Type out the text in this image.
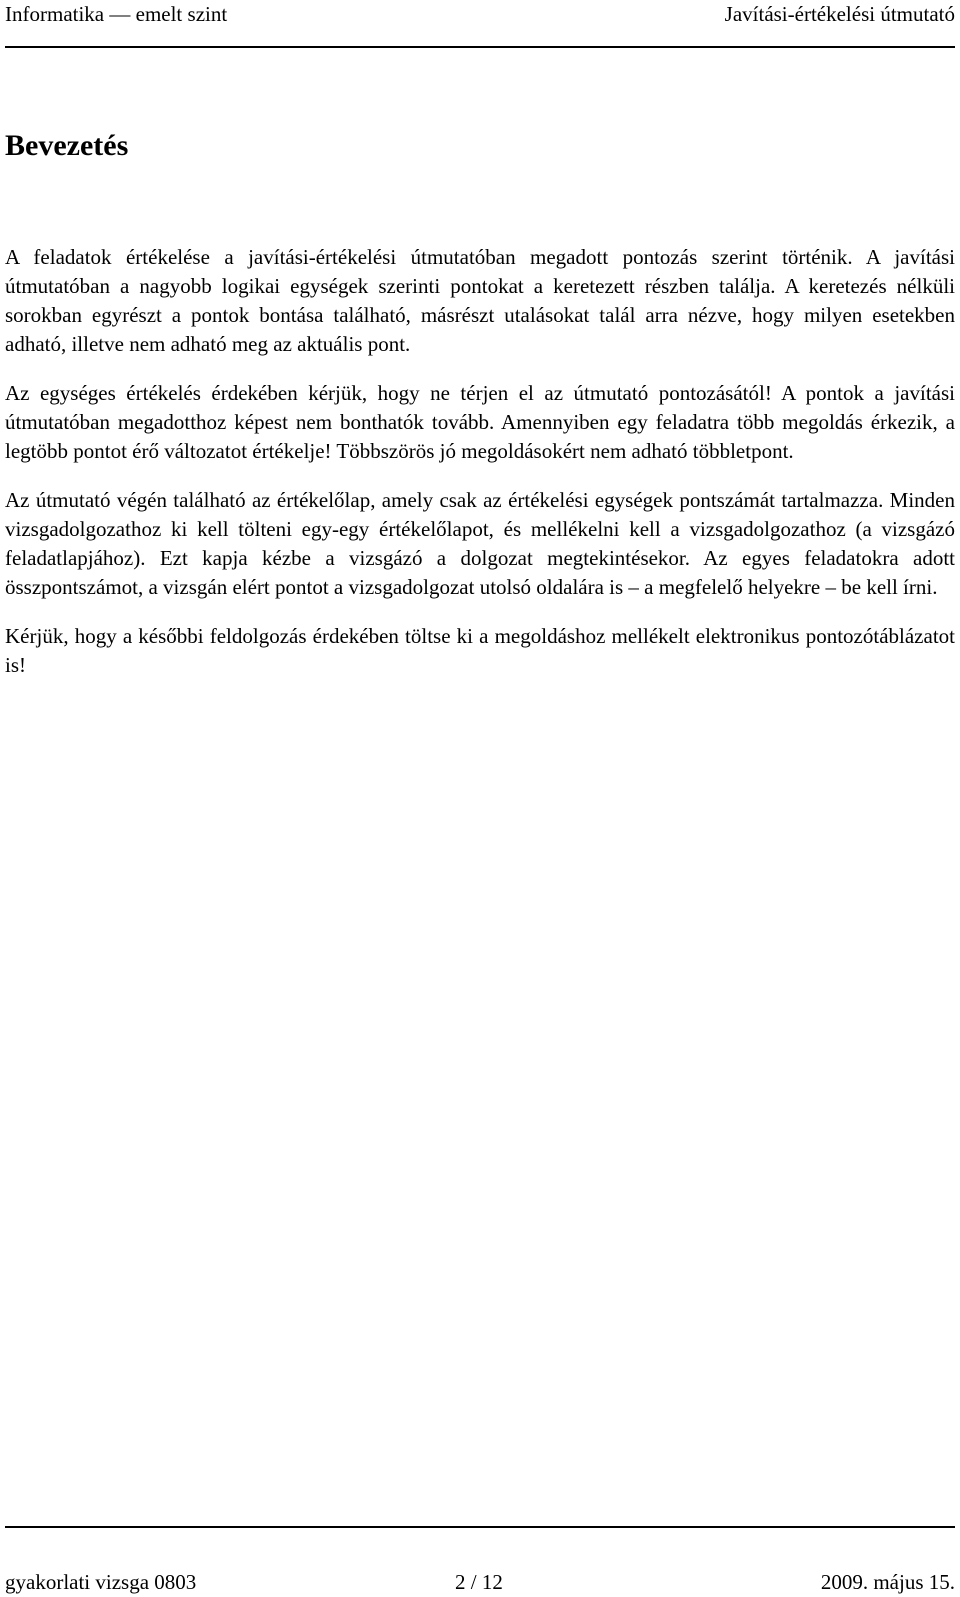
Informatika — emelt szint	Javítási-értékelési útmutató
Bevezetés

A feladatok értékelése a javítási-értékelési útmutatóban megadott pontozás szerint történik. A javítási útmutatóban a nagyobb logikai egységek szerinti pontokat a keretezett részben találja. A keretezés nélküli sorokban egyrészt a pontok bontása található, másrészt utalásokat talál arra nézve, hogy milyen esetekben adható, illetve nem adható meg az aktuális pont.

Az egységes értékelés érdekében kérjük, hogy ne térjen el az útmutató pontozásától! A pontok a javítási útmutatóban megadotthoz képest nem bonthatók tovább. Amennyiben egy feladatra több megoldás érkezik, a legtöbb pontot érő változatot értékelje! Többszörös jó megoldásokért nem adható többletpont.

Az útmutató végén található az értékelőlap, amely csak az értékelési egységek pontszámát tartalmazza. Minden vizsgadolgozathoz ki kell tölteni egy-egy értékelőlapot, és mellékelni kell a vizsgadolgozathoz (a vizsgázó feladatlapjához). Ezt kapja kézbe a vizsgázó a dolgozat megtekintésekor. Az egyes feladatokra adott összpontszámot, a vizsgán elért pontot a vizsgadolgozat utolsó oldalára is – a megfelelő helyekre – be kell írni.

Kérjük, hogy a későbbi feldolgozás érdekében töltse ki a megoldáshoz mellékelt elektronikus pontozótáblázatot is!

gyakorlati vizsga 0803	2 / 12	2009. május 15.
